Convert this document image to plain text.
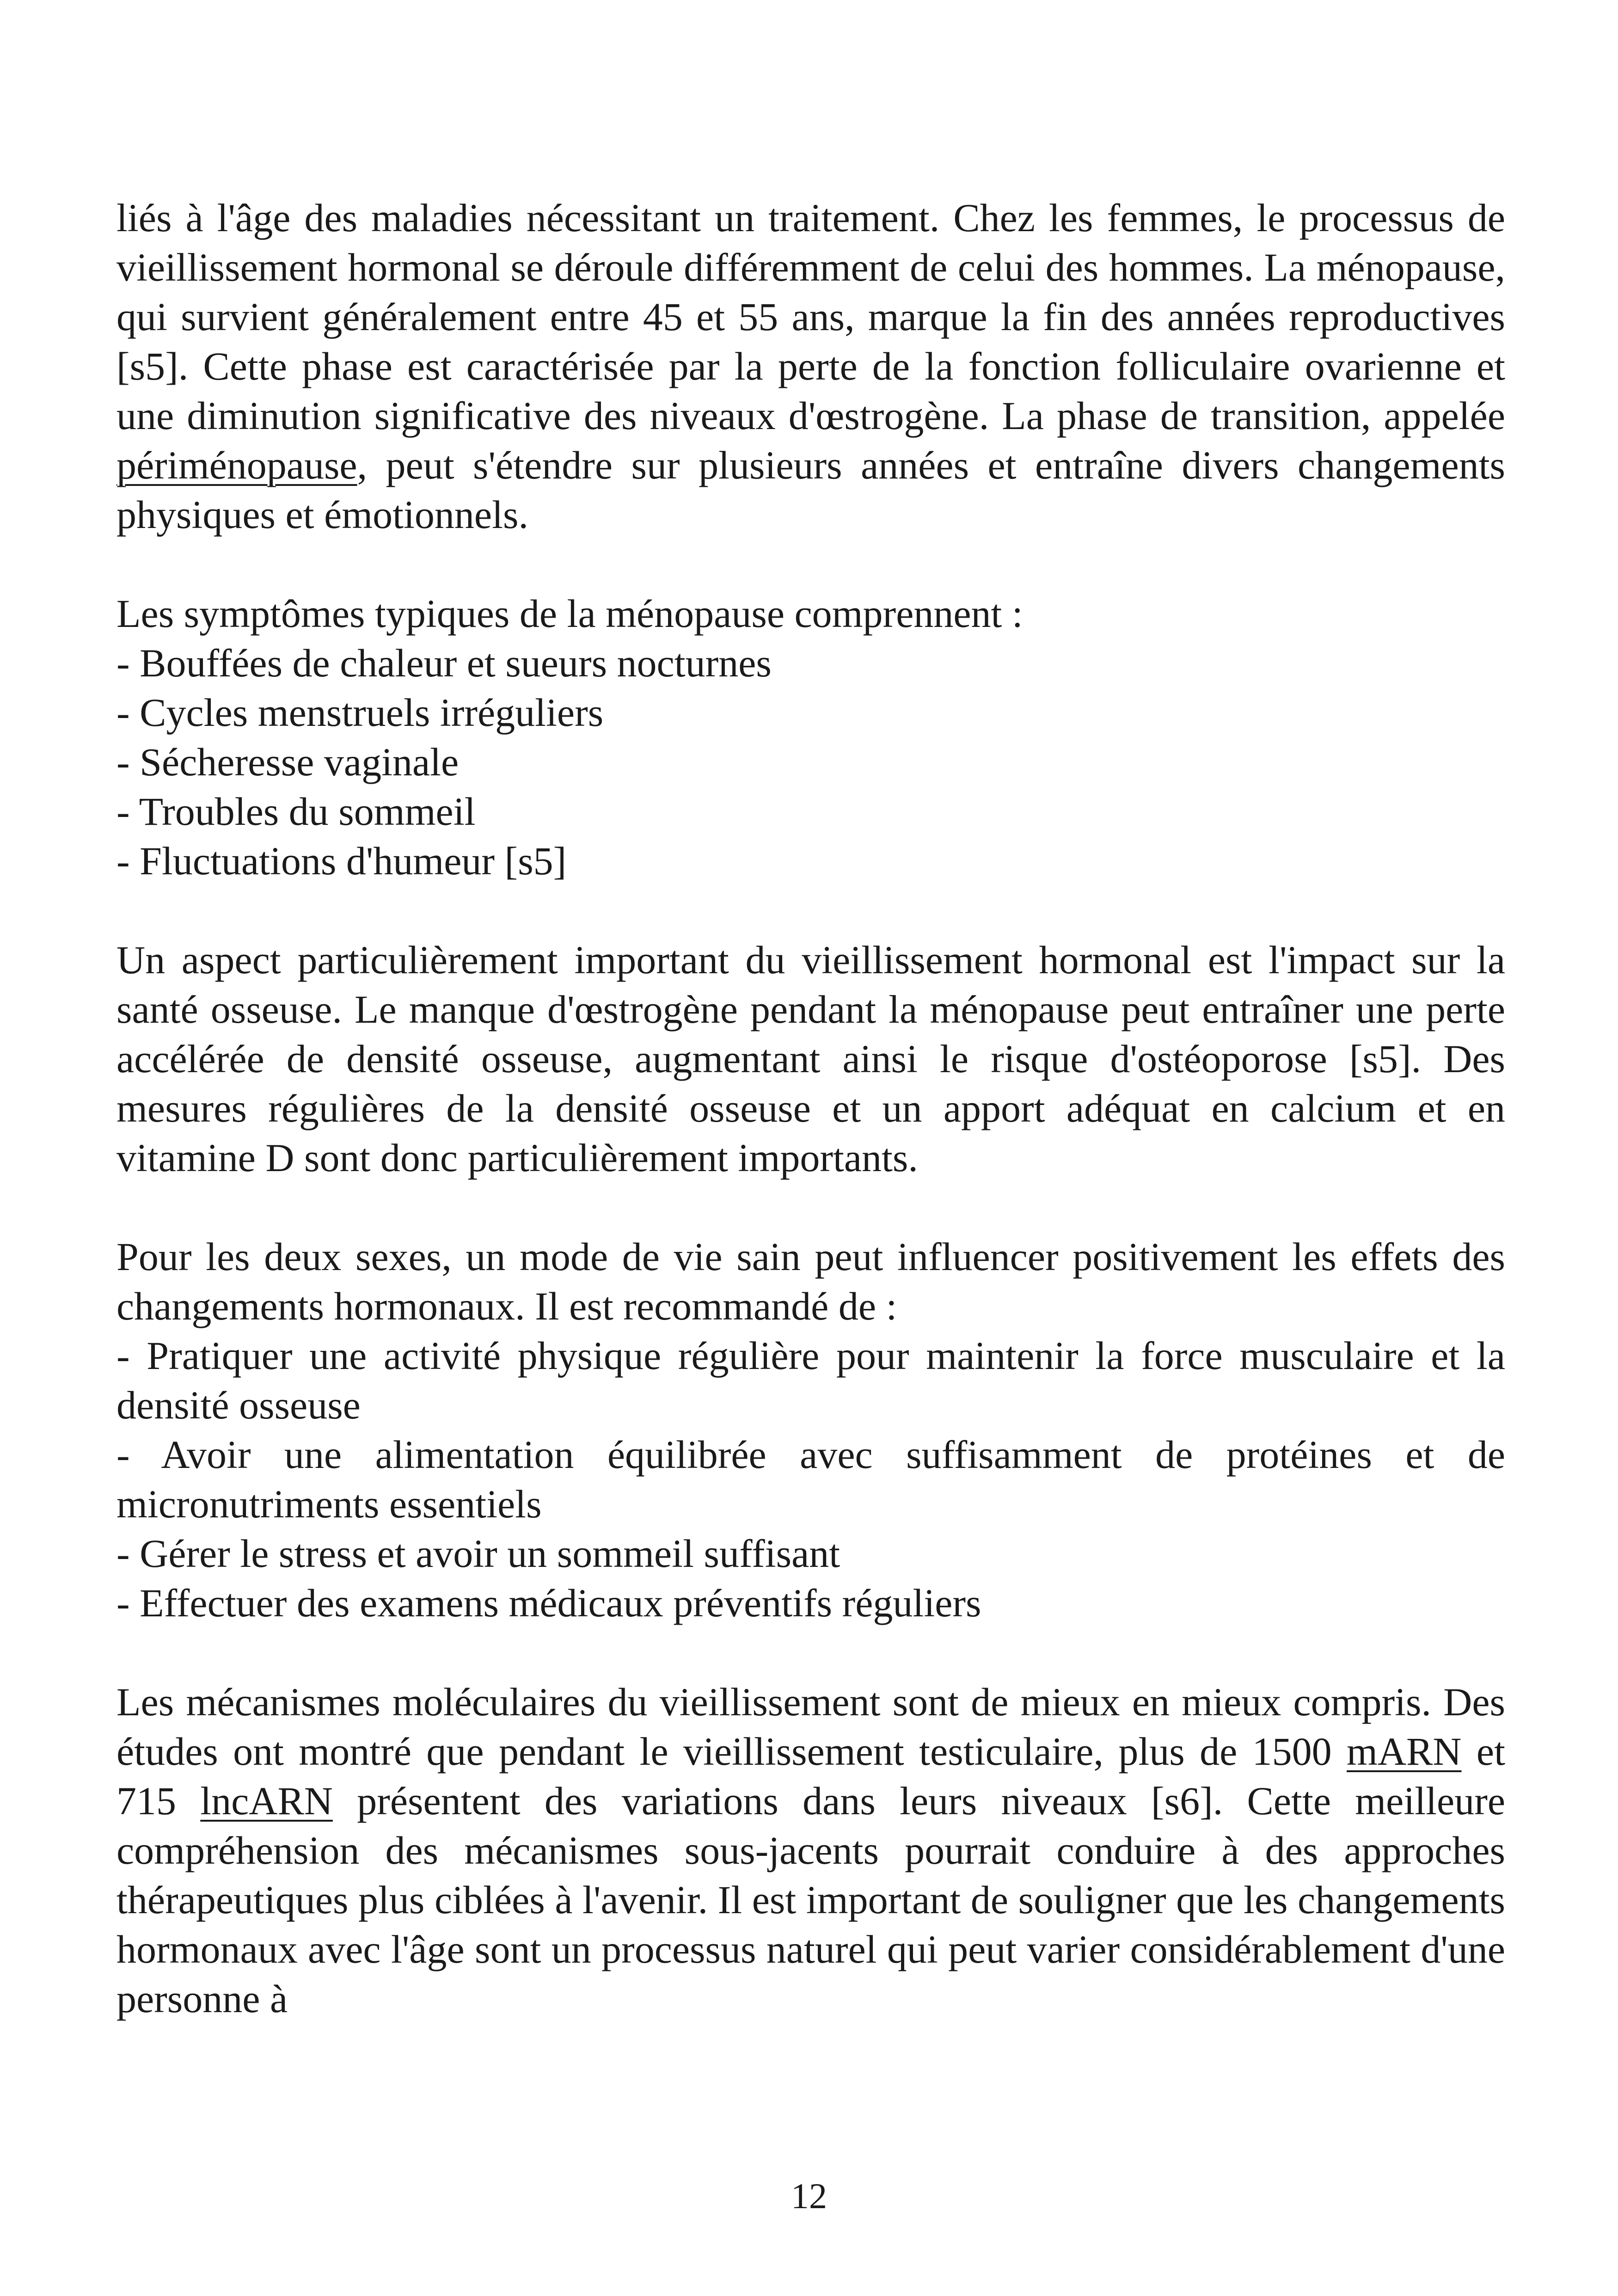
liés à l'âge des maladies nécessitant un traitement. Chez les femmes, le processus de vieillissement hormonal se déroule différemment de celui des hommes. La ménopause, qui survient généralement entre 45 et 55 ans, marque la fin des années reproductives [s5]. Cette phase est caractérisée par la perte de la fonction folliculaire ovarienne et une diminution significative des niveaux d'œstrogène. La phase de transition, appelée périménopause, peut s'étendre sur plusieurs années et entraîne divers changements physiques et émotionnels.

Les symptômes typiques de la ménopause comprennent :

- Bouffées de chaleur et sueurs nocturnes

- Cycles menstruels irréguliers

- Sécheresse vaginale

- Troubles du sommeil

- Fluctuations d'humeur [s5]

Un aspect particulièrement important du vieillissement hormonal est l'impact sur la santé osseuse. Le manque d'œstrogène pendant la ménopause peut entraîner une perte accélérée de densité osseuse, augmentant ainsi le risque d'ostéoporose [s5]. Des mesures régulières de la densité osseuse et un apport adéquat en calcium et en vitamine D sont donc particulièrement importants.

Pour les deux sexes, un mode de vie sain peut influencer positivement les effets des changements hormonaux. Il est recommandé de :

- Pratiquer une activité physique régulière pour maintenir la force musculaire et la densité osseuse

- Avoir une alimentation équilibrée avec suffisamment de protéines et de micronutriments essentiels

- Gérer le stress et avoir un sommeil suffisant

- Effectuer des examens médicaux préventifs réguliers

Les mécanismes moléculaires du vieillissement sont de mieux en mieux compris. Des études ont montré que pendant le vieillissement testiculaire, plus de 1500 mARN et 715 lncARN présentent des variations dans leurs niveaux [s6]. Cette meilleure compréhension des mécanismes sous-jacents pourrait conduire à des approches thérapeutiques plus ciblées à l'avenir. Il est important de souligner que les changements hormonaux avec l'âge sont un processus naturel qui peut varier considérablement d'une personne à

12
